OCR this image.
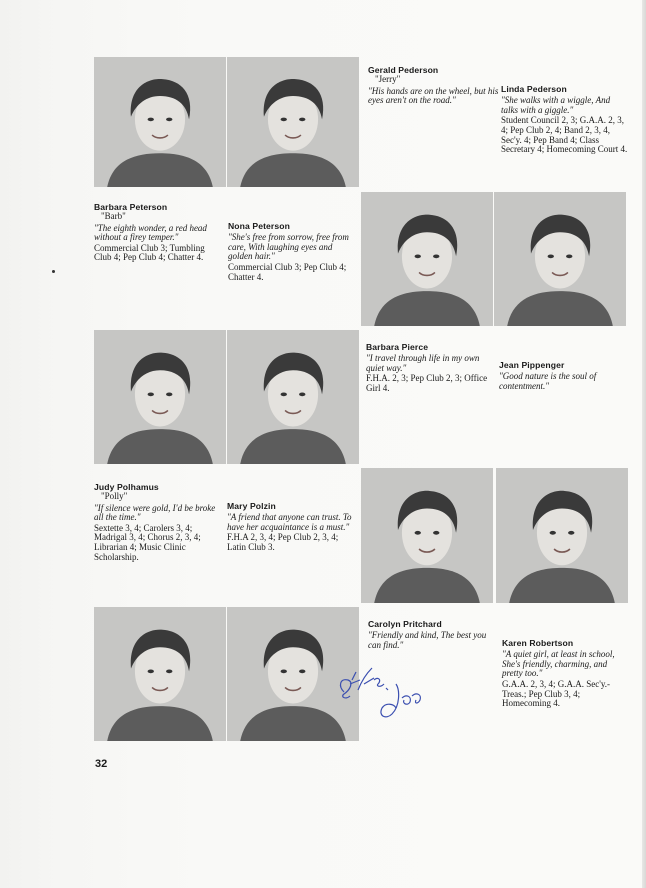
Gerald Pederson
"Jerry"
"His hands are on the wheel, but his eyes aren't on the road."
Linda Pederson
"She walks with a wiggle, And talks with a giggle."
Student Council 2, 3; G.A.A. 2, 3, 4; Pep Club 2, 4; Band 2, 3, 4, Sec'y. 4; Pep Band 4; Class Secretary 4; Homecoming Court 4.
Barbara Peterson
"Barb"
"The eighth wonder, a red head without a firey temper."
Commercial Club 3; Tumbling Club 4; Pep Club 4; Chatter 4.
Nona Peterson
"She's free from sorrow, free from care, With laughing eyes and golden hair."
Commercial Club 3; Pep Club 4; Chatter 4.
Barbara Pierce
"I travel through life in my own quiet way."
F.H.A. 2, 3; Pep Club 2, 3; Office Girl 4.
Jean Pippenger
"Good nature is the soul of contentment."
Judy Polhamus
"Polly"
"If silence were gold, I'd be broke all the time."
Sextette 3, 4; Carolers 3, 4; Madrigal 3, 4; Chorus 2, 3, 4; Librarian 4; Music Clinic Scholarship.
Mary Polzin
"A friend that anyone can trust. To have her acquaintance is a must."
F.H.A 2, 3, 4; Pep Club 2, 3, 4; Latin Club 3.
Carolyn Pritchard
"Friendly and kind, The best you can find."	Karen Robertson
"A quiet girl, at least in school, She's friendly, charming, and pretty too."
G.A.A. 2, 3, 4; G.A.A. Sec'y.-Treas.; Pep Club 3, 4; Homecoming 4.
32
